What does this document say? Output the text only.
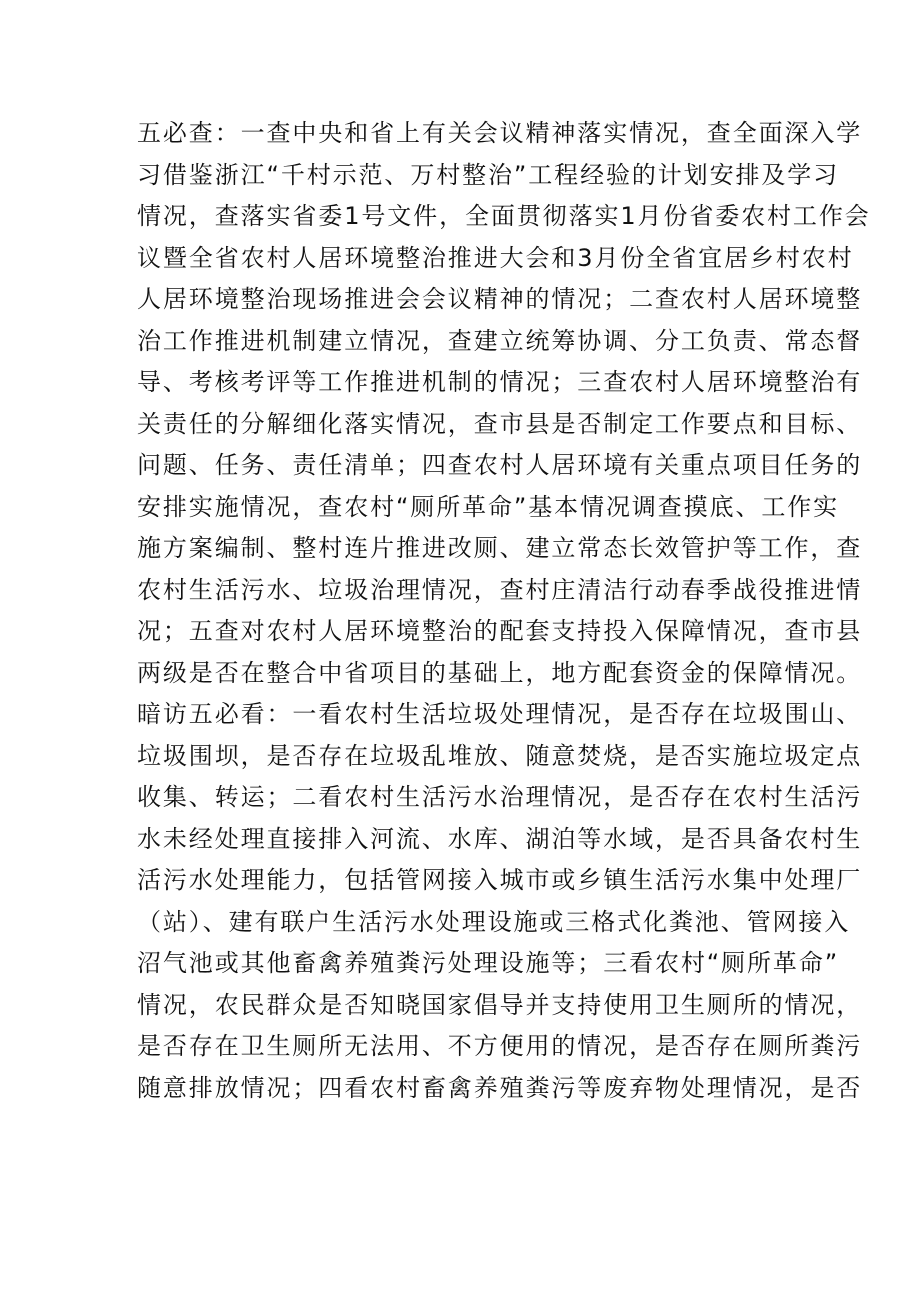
五必查：一查中央和省上有关会议精神落实情况，查全面深入学
习借鉴浙江“千村示范、万村整治”工程经验的计划安排及学习
情况，查落实省委1号文件，全面贯彻落实1月份省委农村工作会
议暨全省农村人居环境整治推进大会和3月份全省宜居乡村农村
人居环境整治现场推进会会议精神的情况；二查农村人居环境整
治工作推进机制建立情况，查建立统筹协调、分工负责、常态督
导、考核考评等工作推进机制的情况；三查农村人居环境整治有
关责任的分解细化落实情况，查市县是否制定工作要点和目标、
问题、任务、责任清单；四查农村人居环境有关重点项目任务的
安排实施情况，查农村“厕所革命”基本情况调查摸底、工作实
施方案编制、整村连片推进改厕、建立常态长效管护等工作，查
农村生活污水、垃圾治理情况，查村庄清洁行动春季战役推进情
况；五查对农村人居环境整治的配套支持投入保障情况，查市县
两级是否在整合中省项目的基础上，地方配套资金的保障情况。
暗访五必看：一看农村生活垃圾处理情况，是否存在垃圾围山、
垃圾围坝，是否存在垃圾乱堆放、随意焚烧，是否实施垃圾定点
收集、转运；二看农村生活污水治理情况，是否存在农村生活污
水未经处理直接排入河流、水库、湖泊等水域，是否具备农村生
活污水处理能力，包括管网接入城市或乡镇生活污水集中处理厂
（站）、建有联户生活污水处理设施或三格式化粪池、管网接入
沼气池或其他畜禽养殖粪污处理设施等；三看农村“厕所革命”
情况，农民群众是否知晓国家倡导并支持使用卫生厕所的情况，
是否存在卫生厕所无法用、不方便用的情况，是否存在厕所粪污
随意排放情况；四看农村畜禽养殖粪污等废弃物处理情况，是否
